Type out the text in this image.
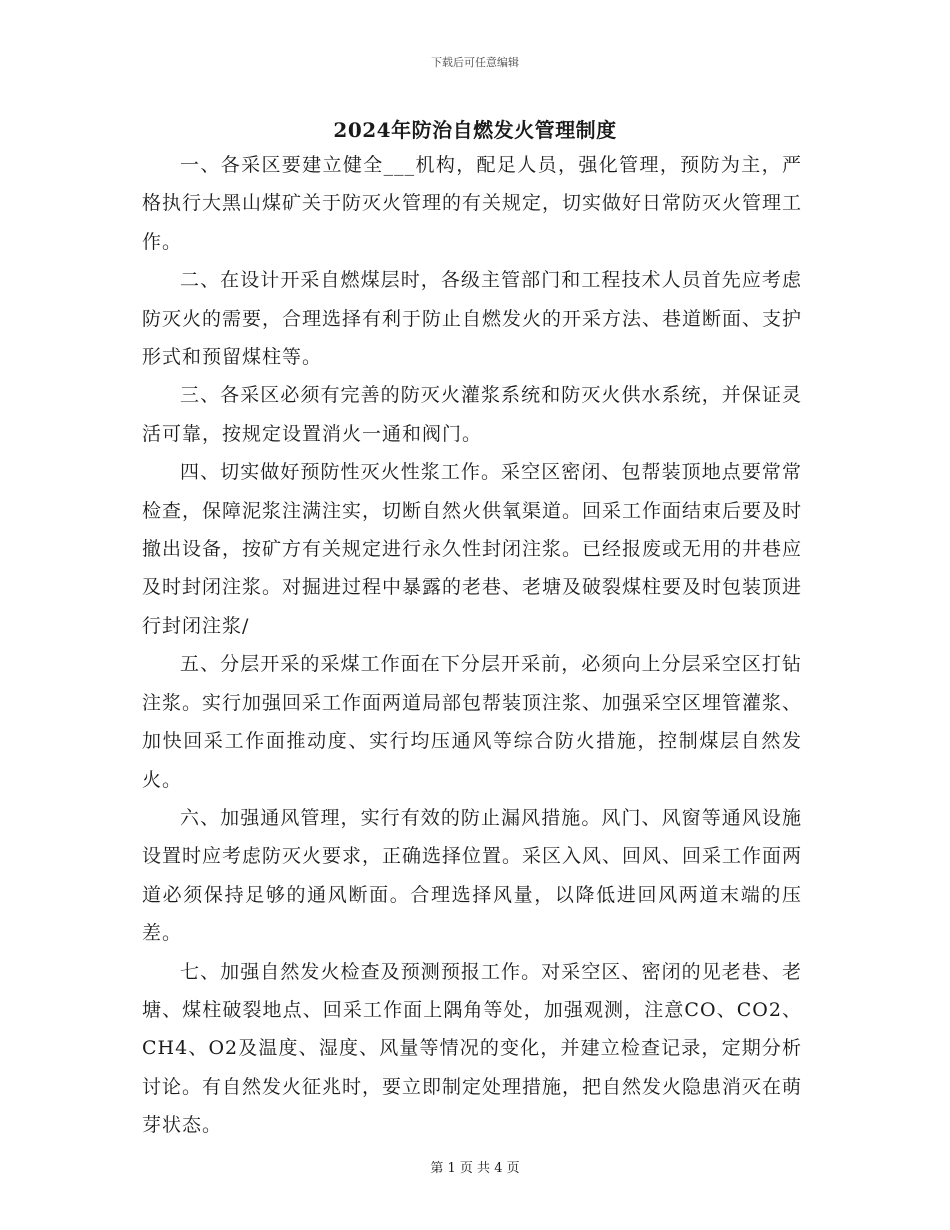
下载后可任意编辑
2024年防治自燃发火管理制度

一、各采区要建立健全___机构，配足人员，强化管理，预防为主，严格执行大黑山煤矿关于防灭火管理的有关规定，切实做好日常防灭火管理工作。

二、在设计开采自燃煤层时，各级主管部门和工程技术人员首先应考虑防灭火的需要，合理选择有利于防止自燃发火的开采方法、巷道断面、支护形式和预留煤柱等。

三、各采区必须有完善的防灭火灌浆系统和防灭火供水系统，并保证灵活可靠，按规定设置消火一通和阀门。

四、切实做好预防性灭火性浆工作。采空区密闭、包帮装顶地点要常常检查，保障泥浆注满注实，切断自然火供氧渠道。回采工作面结束后要及时撤出设备，按矿方有关规定进行永久性封闭注浆。已经报废或无用的井巷应及时封闭注浆。对掘进过程中暴露的老巷、老塘及破裂煤柱要及时包装顶进行封闭注浆/

五、分层开采的采煤工作面在下分层开采前，必须向上分层采空区打钻注浆。实行加强回采工作面两道局部包帮装顶注浆、加强采空区埋管灌浆、加快回采工作面推动度、实行均压通风等综合防火措施，控制煤层自然发火。

六、加强通风管理，实行有效的防止漏风措施。风门、风窗等通风设施设置时应考虑防灭火要求，正确选择位置。采区入风、回风、回采工作面两道必须保持足够的通风断面。合理选择风量，以降低进回风两道末端的压差。

七、加强自然发火检查及预测预报工作。对采空区、密闭的见老巷、老塘、煤柱破裂地点、回采工作面上隅角等处，加强观测，注意CO、CO2、CH4、O2及温度、湿度、风量等情况的变化，并建立检查记录，定期分析讨论。有自然发火征兆时，要立即制定处理措施，把自然发火隐患消灭在萌芽状态。

第 1 页 共 4 页
